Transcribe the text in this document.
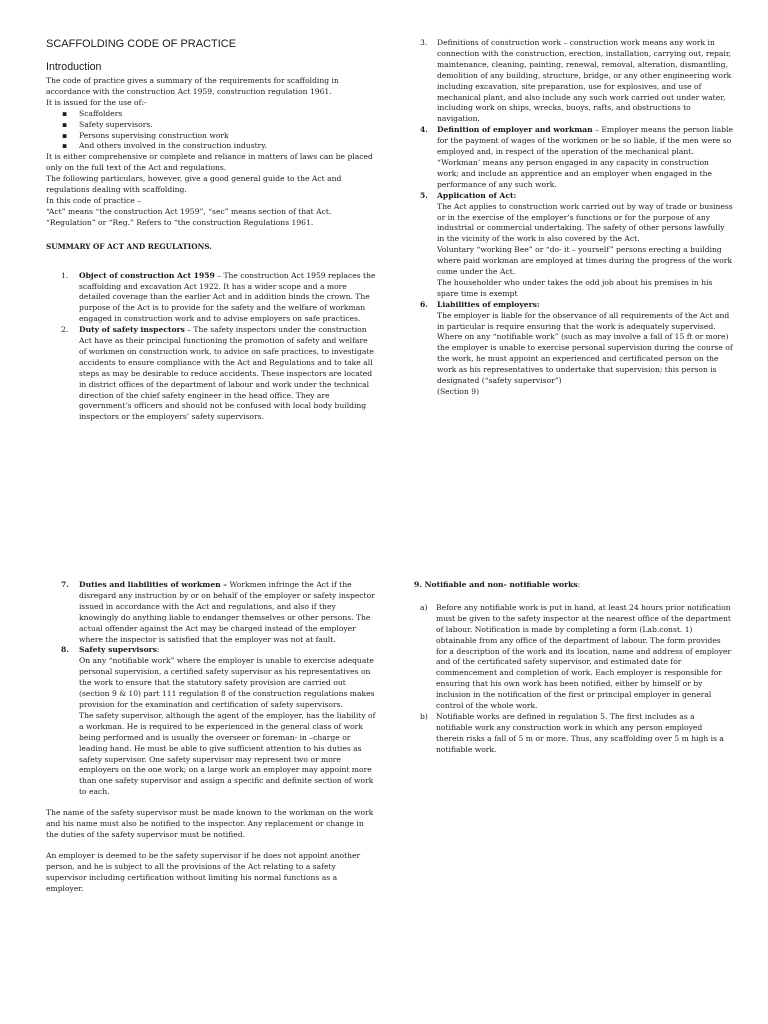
SCAFFOLDING CODE OF PRACTICE
Introduction

The code of practice gives a summary of the requirements for scaffolding in accordance with the construction Act 1959, construction regulation 1961.

It is issued for the use of:-

▪ Scaffolders
▪ Safety supervisors.
▪ Persons supervising construction work
▪ And others involved in the construction industry.

It is either comprehensive or complete and reliance in matters of laws can be placed only on the full text of the Act and regulations.

The following particulars, however, give a good general guide to the Act and regulations dealing with scaffolding.

In this code of practice –

“Act” means “the construction Act 1959”, “sec” means section of that Act.

“Regulation” or “Reg.” Refers to “the construction Regulations 1961.

SUMMARY OF ACT AND REGULATIONS.
1. Object of construction Act 1959 – The construction Act 1959 replaces the scaffolding and excavation Act 1922. It has a wider scope and a more detailed coverage than the earlier Act and in addition binds the crown. The purpose of the Act is to provide for the safety and the welfare of workman engaged in construction work and to advise employers on safe practices.
2. Duty of safety inspectors – The safety inspectors under the construction Act have as their principal functioning the promotion of safety and welfare of workmen on construction work, to advice on safe practices, to investigate accidents to ensure compliance with the Act and Regulations and to take all steps as may be desirable to reduce accidents. These inspectors are located in district offices of the department of labour and work under the technical direction of the chief safety engineer in the head office. They are government’s officers and should not be confused with local body building inspectors or the employers’ safety supervisors.
3. Definitions of construction work – construction work means any work in connection with the construction, erection, installation, carrying out, repair, maintenance, cleaning, painting, renewal, removal, alteration, dismantling, demolition of any building, structure, bridge, or any other engineering work including excavation, site preparation, use for explosives, and use of mechanical plant, and also include any such work carried out under water, including work on ships, wrecks, buoys, rafts, and obstructions to navigation.
4. Definition of employer and workman – Employer means the person liable for the payment of wages of the workmen or be so liable, if the men were so employed and, in respect of the operation of the mechanical plant. “Workman’ means any person engaged in any capacity in construction work; and include an apprentice and an employer when engaged in the performance of any such work.
5. Application of Act:

The Act applies to construction work carried out by way of trade or business or in the exercise of the employer’s functions or for the purpose of any industrial or commercial undertaking. The safety of other persons lawfully in the vicinity of the work is also covered by the Act.

Voluntary “working Bee” or “do- it – yourself” persons erecting a building where paid workman are employed at times during the progress of the work come under the Act.

The householder who under takes the odd job about his premises in his spare time is exempt

6. Liabilities of employers:

The employer is liable for the observance of all requirements of the Act and in particular is require ensuring that the work is adequately supervised. Where on any “notifiable work” (such as may involve a fall of 15 ft or more) the employer is unable to exercise personal supervision during the course of the work, he must appoint an experienced and certificated person on the work as his representatives to undertake that supervision; this person is designated (“safety supervisor”)

(Section 9)

7. Duties and liabilities of workmen – Workmen infringe the Act if the disregard any instruction by or on behalf of the employer or safety inspector issued in accordance with the Act and regulations, and also if they knowingly do anything liable to endanger themselves or other persons. The actual offender against the Act may be charged instead of the employer where the inspector is satisfied that the employer was not at fault.
8. Safety supervisors:

On any “notifiable work” where the employer is unable to exercise adequate personal supervision, a certified safety supervisor as his representatives on the work to ensure that the statutory safety provision are carried out (section 9 & 10) part 111 regulation 8 of the construction regulations makes provision for the examination and certification of safety supervisors.

The safety supervisor, although the agent of the employer, has the liability of a workman. He is required to be experienced in the general class of work being performed and is usually the overseer or foreman- in –charge or leading hand. He must be able to give sufficient attention to his duties as safety supervisor. One safety supervisor may represent two or more employers on the one work; on a large work an employer may appoint more than one safety supervisor and assign a specific and definite section of work to each.

The name of the safety supervisor must be made known to the workman on the work and his name must also be notified to the inspector. Any replacement or change in the duties of the safety supervisor must be notified.

An employer is deemed to be the safety supervisor if he does not appoint another person, and he is subject to all the provisions of the Act relating to a safety supervisor including certification without limiting his normal functions as a employer.

9. Notifiable and non- notifiable works:
a) Before any notifiable work is put in hand, at least 24 hours prior notification must be given to the safety inspector at the nearest office of the department of labour. Notification is made by completing a form (Lab.const. 1) obtainable from any office of the department of labour. The form provides for a description of the work and its location, name and address of employer and of the certificated safety supervisor, and estimated date for commencement and completion of work. Each employer is responsible for ensuring that his own work has been notified, either by himself or by inclusion in the notification of the first or principal employer in general control of the whole work.
b) Notifiable works are defined in regulation 5. The first includes as a notifiable work any construction work in which any person employed therein risks a fall of 5 m or more. Thus, any scaffolding over 5 m high is a notifiable work.
